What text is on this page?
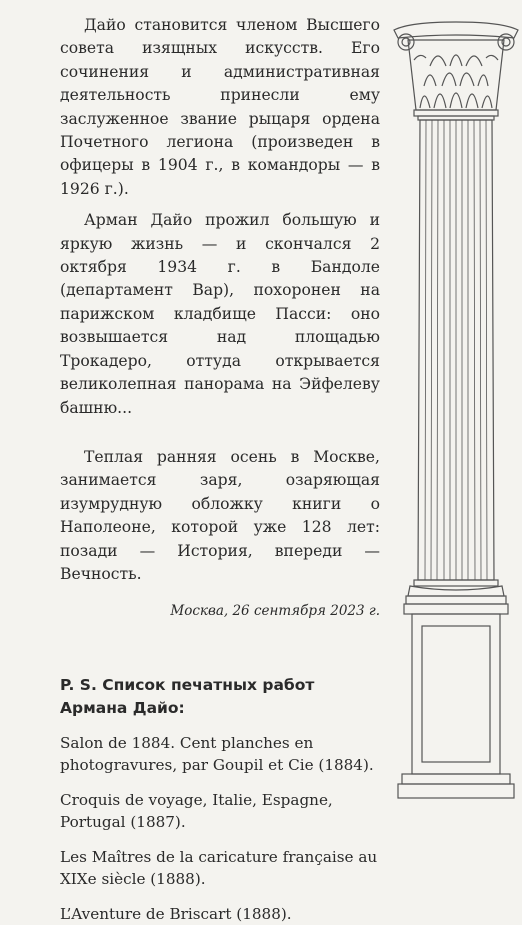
Дайо становится членом Высшего совета изящных искусств. Его сочинения и административная деятельность принесли ему заслуженное звание рыцаря ордена Почетного легиона (произведен в офицеры в 1904 г., в командоры — в 1926 г.).

Арман Дайо прожил большую и яркую жизнь — и скончался 2 октября 1934 г. в Бандоле (департамент Вар), похоронен на парижском кладбище Пасси: оно возвышается над площадью Трокадеро, оттуда открывается великолепная панорама на Эйфелеву башню...

Теплая ранняя осень в Москве, занимается заря, озаряющая изумрудную обложку книги о Наполеоне, которой уже 128 лет: позади — История, впереди — Вечность.

Москва, 26 сентября 2023 г.

P. S. Список печатных работ Армана Дайо:

Salon de 1884. Cent planches en photogravures, par Goupil et Cie (1884).

Croquis de voyage, Italie, Espagne, Portugal (1887).

Les Maîtres de la caricature française au XIXe siècle (1888).

L’Aventure de Briscart (1888).
